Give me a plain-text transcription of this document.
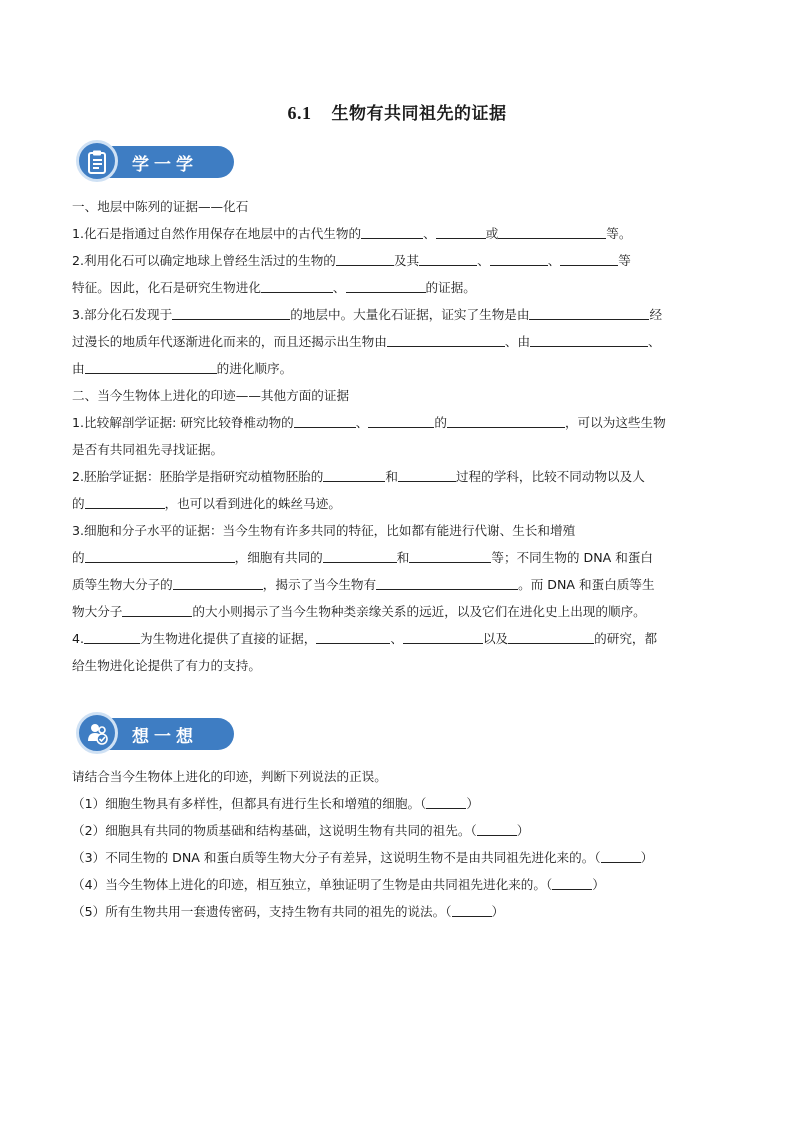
6.1 生物有共同祖先的证据
学一学

一、地层中陈列的证据——化石

1.化石是指通过自然作用保存在地层中的古代生物的	、	或	等。

2.利用化石可以确定地球上曾经生活过的生物的	及其	、	、	等

特征。因此，化石是研究生物进化	、	的证据。

3.部分化石发现于	的地层中。大量化石证据，证实了生物是由	经

过漫长的地质年代逐渐进化而来的，而且还揭示出生物由	、由	、

由	的进化顺序。

二、当今生物体上进化的印迹——其他方面的证据

1.比较解剖学证据: 研究比较脊椎动物的	、	的	，可以为这些生物

是否有共同祖先寻找证据。

2.胚胎学证据：胚胎学是指研究动植物胚胎的	和	过程的学科，比较不同动物以及人

的	，也可以看到进化的蛛丝马迹。

3.细胞和分子水平的证据：当今生物有许多共同的特征，比如都有能进行代谢、生长和增殖

的	，细胞有共同的	和	等；不同生物的 DNA 和蛋白

质等生物大分子的	，揭示了当今生物有	。而 DNA 和蛋白质等生

物大分子	的大小则揭示了当今生物种类亲缘关系的远近，以及它们在进化史上出现的顺序。

4.	为生物进化提供了直接的证据，	、	以及	的研究，都

给生物进化论提供了有力的支持。

想一想

请结合当今生物体上进化的印迹，判断下列说法的正误。

（1）细胞生物具有多样性，但都具有进行生长和增殖的细胞。（	）

（2）细胞具有共同的物质基础和结构基础，这说明生物有共同的祖先。（	）

（3）不同生物的 DNA 和蛋白质等生物大分子有差异，这说明生物不是由共同祖先进化来的。（	）

（4）当今生物体上进化的印迹，相互独立，单独证明了生物是由共同祖先进化来的。（	）

（5）所有生物共用一套遗传密码，支持生物有共同的祖先的说法。（	）
